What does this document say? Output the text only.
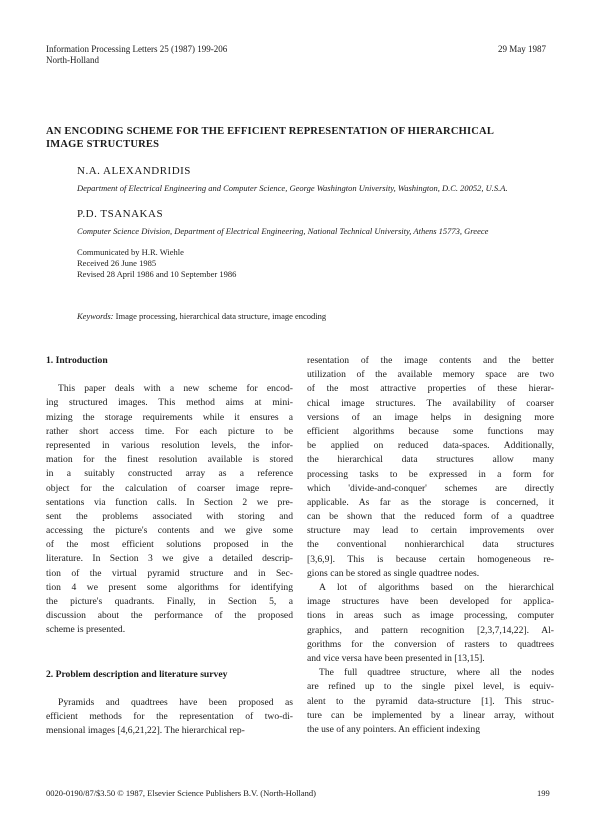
Information Processing Letters 25 (1987) 199-206
North-Holland
29 May 1987
AN ENCODING SCHEME FOR THE EFFICIENT REPRESENTATION OF HIERARCHICAL
IMAGE STRUCTURES
N.A. ALEXANDRIDIS
Department of Electrical Engineering and Computer Science, George Washington University, Washington, D.C. 20052, U.S.A.
P.D. TSANAKAS
Computer Science Division, Department of Electrical Engineering, National Technical University, Athens 15773, Greece
Communicated by H.R. Wiehle
Received 26 June 1985
Revised 28 April 1986 and 10 September 1986
Keywords: Image processing, hierarchical data structure, image encoding
1. Introduction
This paper deals with a new scheme for encod-
ing structured images. This method aims at mini-
mizing the storage requirements while it ensures a
rather short access time. For each picture to be
represented in various resolution levels, the infor-
mation for the finest resolution available is stored
in a suitably constructed array as a reference
object for the calculation of coarser image repre-
sentations via function calls. In Section 2 we pre-
sent the problems associated with storing and
accessing the picture's contents and we give some
of the most efficient solutions proposed in the
literature. In Section 3 we give a detailed descrip-
tion of the virtual pyramid structure and in Sec-
tion 4 we present some algorithms for identifying
the picture's quadrants. Finally, in Section 5, a
discussion about the performance of the proposed
scheme is presented.
2. Problem description and literature survey
Pyramids and quadtrees have been proposed as
efficient methods for the representation of two-di-
mensional images [4,6,21,22]. The hierarchical rep-
resentation of the image contents and the better
utilization of the available memory space are two
of the most attractive properties of these hierar-
chical image structures. The availability of coarser
versions of an image helps in designing more
efficient algorithms because some functions may
be applied on reduced data-spaces. Additionally,
the hierarchical data structures allow many
processing tasks to be expressed in a form for
which 'divide-and-conquer' schemes are directly
applicable. As far as the storage is concerned, it
can be shown that the reduced form of a quadtree
structure may lead to certain improvements over
the conventional nonhierarchical data structures
[3,6,9]. This is because certain homogeneous re-
gions can be stored as single quadtree nodes.
A lot of algorithms based on the hierarchical
image structures have been developed for applica-
tions in areas such as image processing, computer
graphics, and pattern recognition [2,3,7,14,22]. Al-
gorithms for the conversion of rasters to quadtrees
and vice versa have been presented in [13,15].
The full quadtree structure, where all the nodes
are refined up to the single pixel level, is equiv-
alent to the pyramid data-structure [1]. This struc-
ture can be implemented by a linear array, without
the use of any pointers. An efficient indexing
0020-0190/87/$3.50 © 1987, Elsevier Science Publishers B.V. (North-Holland)	199
